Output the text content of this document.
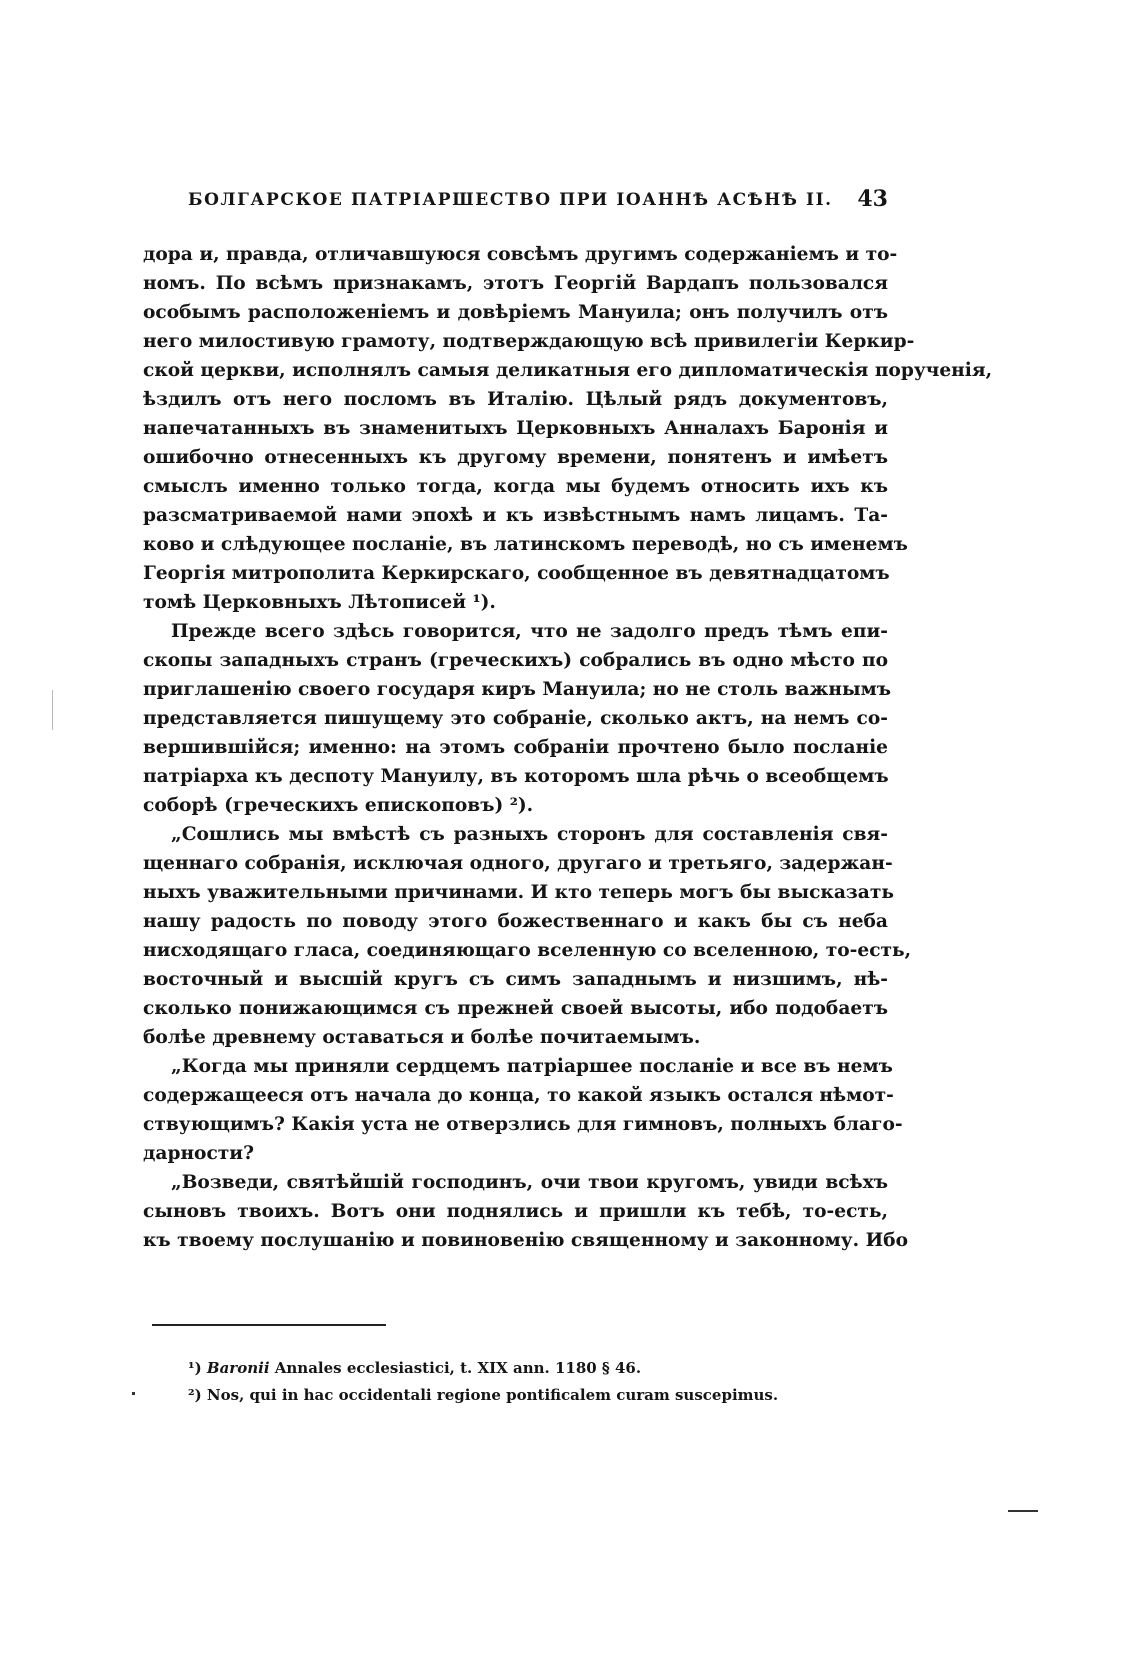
БОЛГАРСКОЕ ПАТРІАРШЕСТВО ПРИ ІОАННѢ АСѢНѢ II. 43
дора и, правда, отличавшуюся совсѣмъ другимъ содержаніемъ и то-
номъ. По всѣмъ признакамъ, этотъ Георгій Вардапъ пользовался
особымъ расположеніемъ и довѣріемъ Мануила; онъ получилъ отъ
него милостивую грамоту, подтверждающую всѣ привилегіи Керкир-
ской церкви, исполнялъ самыя деликатныя его дипломатическія порученія,
ѣздилъ отъ него посломъ въ Италію. Цѣлый рядъ документовъ,
напечатанныхъ въ знаменитыхъ Церковныхъ Анналахъ Баронія и
ошибочно отнесенныхъ къ другому времени, понятенъ и имѣетъ
смыслъ именно только тогда, когда мы будемъ относить ихъ къ
разсматриваемой нами эпохѣ и къ извѣстнымъ намъ лицамъ. Та-
ково и слѣдующее посланіе, въ латинскомъ переводѣ, но съ именемъ
Георгія митрополита Керкирскаго, сообщенное въ девятнадцатомъ
томѣ Церковныхъ Лѣтописей ¹).
Прежде всего здѣсь говорится, что не задолго предъ тѣмъ епи-
скопы западныхъ странъ (греческихъ) собрались въ одно мѣсто по
приглашенію своего государя киръ Мануила; но не столь важнымъ
представляется пишущему это собраніе, сколько актъ, на немъ со-
вершившійся; именно: на этомъ собраніи прочтено было посланіе
патріарха къ деспоту Мануилу, въ которомъ шла рѣчь о всеобщемъ
соборѣ (греческихъ епископовъ) ²).
„Сошлись мы вмѣстѣ съ разныхъ сторонъ для составленія свя-
щеннаго собранія, исключая одного, другаго и третьяго, задержан-
ныхъ уважительными причинами. И кто теперь могъ бы высказать
нашу радость по поводу этого божественнаго и какъ бы съ неба
нисходящаго гласа, соединяющаго вселенную со вселенною, то-есть,
восточный и высшій кругъ съ симъ западнымъ и низшимъ, нѣ-
сколько понижающимся съ прежней своей высоты, ибо подобаетъ
болѣе древнему оставаться и болѣе почитаемымъ.
„Когда мы приняли сердцемъ патріаршее посланіе и все въ немъ
содержащееся отъ начала до конца, то какой языкъ остался нѣмот-
ствующимъ? Какія уста не отверзлись для гимновъ, полныхъ благо-
дарности?
„Возведи, святѣйшій господинъ, очи твои кругомъ, увиди всѣхъ
сыновъ твоихъ. Вотъ они поднялись и пришли къ тебѣ, то-есть,
къ твоему послушанію и повиновенію священному и законному. Ибо
¹) Baronii Annales ecclesiastici, t. XIX ann. 1180 § 46.
²) Nos, qui in hac occidentali regione pontificalem curam suscepimus.
